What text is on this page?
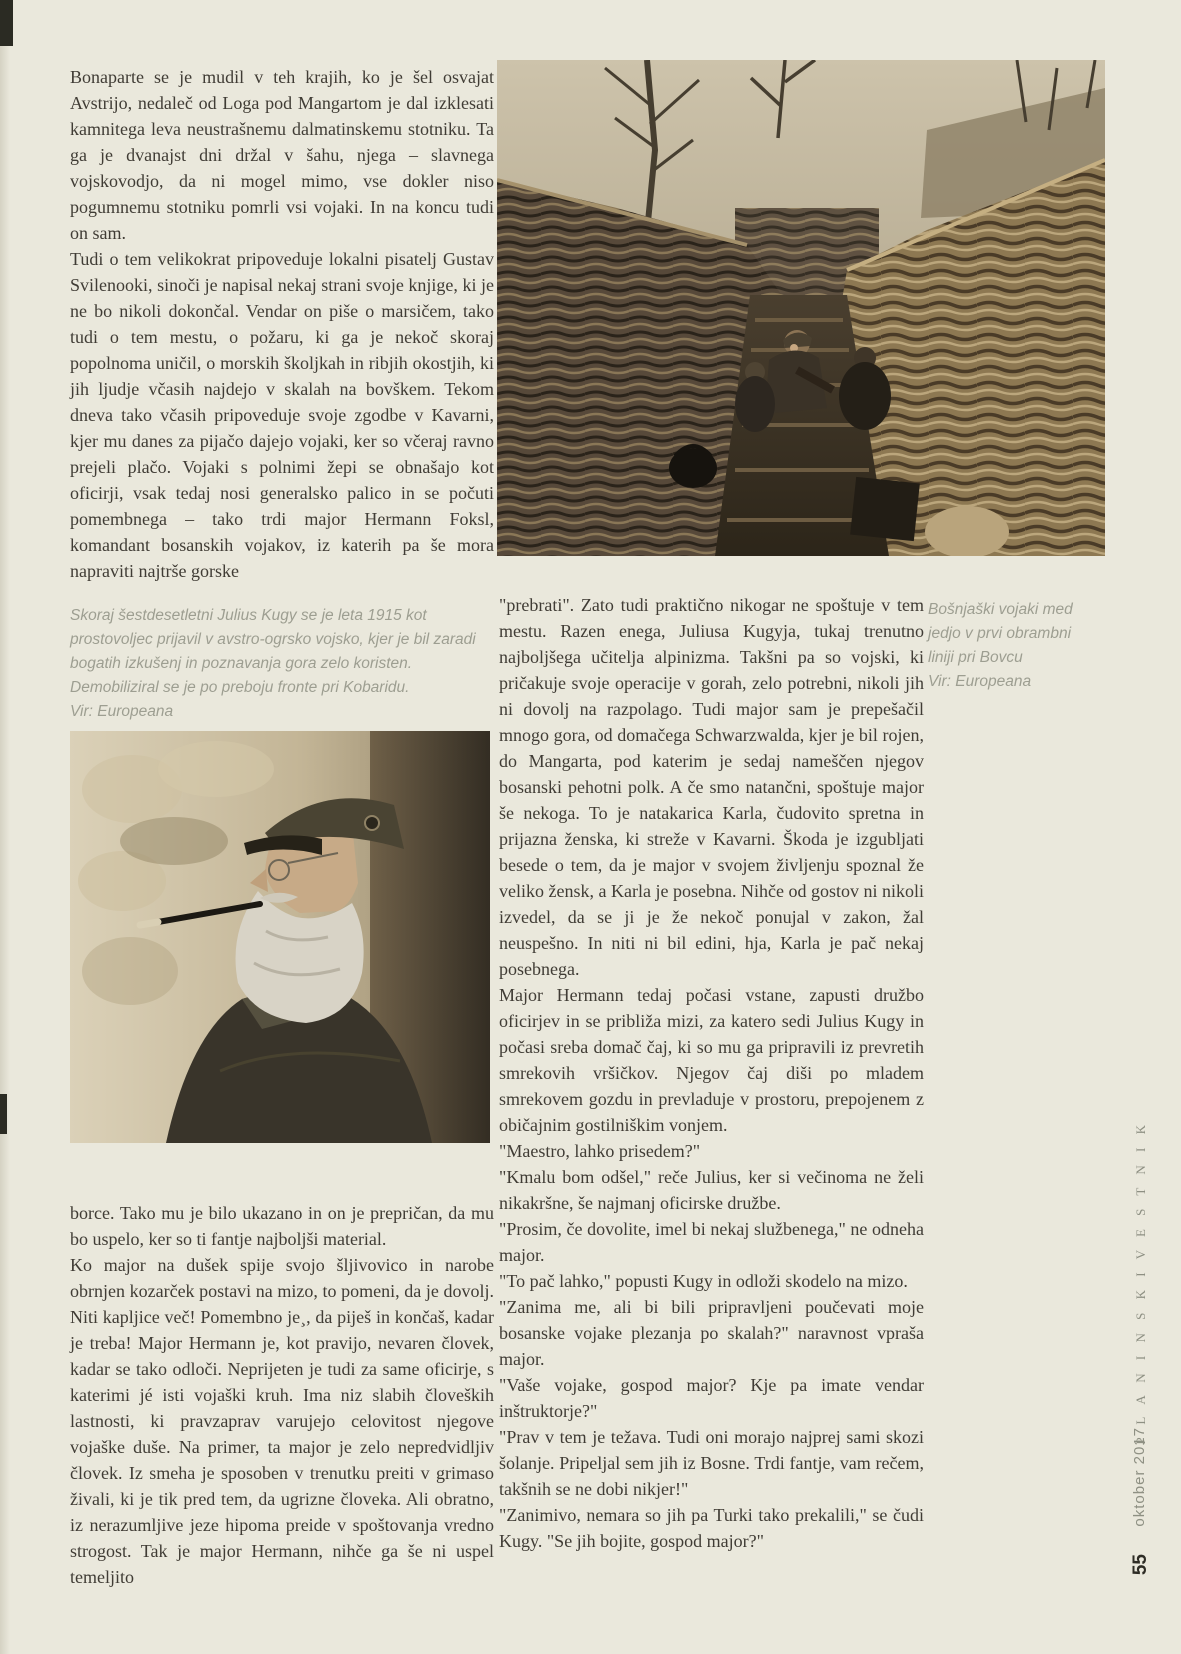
Bonaparte se je mudil v teh krajih, ko je šel osvajat Avstrijo, nedaleč od Loga pod Mangartom je dal izklesati kamnitega leva neustrašnemu dalmatinskemu stotniku. Ta ga je dvanajst dni držal v šahu, njega – slavnega vojskovodjo, da ni mogel mimo, vse dokler niso pogumnemu stotniku pomrli vsi vojaki. In na koncu tudi on sam.

Tudi o tem velikokrat pripoveduje lokalni pisatelj Gustav Svilenooki, sinoči je napisal nekaj strani svoje knjige, ki je ne bo nikoli dokončal. Vendar on piše o marsičem, tako tudi o tem mestu, o požaru, ki ga je nekoč skoraj popolnoma uničil, o morskih školjkah in ribjih okostjih, ki jih ljudje včasih najdejo v skalah na bovškem. Tekom dneva tako včasih pripoveduje svoje zgodbe v Kavarni, kjer mu danes za pijačo dajejo vojaki, ker so včeraj ravno prejeli plačo. Vojaki s polnimi žepi se obnašajo kot oficirji, vsak tedaj nosi generalsko palico in se počuti pomembnega – tako trdi major Hermann Foksl, komandant bosanskih vojakov, iz katerih pa še mora napraviti najtrše gorske

Skoraj šestdesetletni Julius Kugy se je leta 1915 kot prostovoljec prijavil v avstro-ogrsko vojsko, kjer je bil zaradi bogatih izkušenj in poznavanja gora zelo koristen. Demobiliziral se je po preboju fronte pri Kobaridu.

Vir: Europeana

Bošnjaški vojaki med

jedjo v prvi obrambni

liniji pri Bovcu

Vir: Europeana

"prebrati". Zato tudi praktično nikogar ne spoštuje v tem mestu. Razen enega, Juliusa Kugyja, tukaj trenutno najboljšega učitelja alpinizma. Takšni pa so vojski, ki pričakuje svoje operacije v gorah, zelo potrebni, nikoli jih ni dovolj na razpolago. Tudi major sam je prepešačil mnogo gora, od domačega Schwarzwalda, kjer je bil rojen, do Mangarta, pod katerim je sedaj nameščen njegov bosanski pehotni polk. A če smo natančni, spoštuje major še nekoga. To je natakarica Karla, čudovito spretna in prijazna ženska, ki streže v Kavarni. Škoda je izgubljati besede o tem, da je major v svojem življenju spoznal že veliko žensk, a Karla je posebna. Nihče od gostov ni nikoli izvedel, da se ji je že nekoč ponujal v zakon, žal neuspešno. In niti ni bil edini, hja, Karla je pač nekaj posebnega.

Major Hermann tedaj počasi vstane, zapusti družbo oficirjev in se približa mizi, za katero sedi Julius Kugy in počasi sreba domač čaj, ki so mu ga pripravili iz prevretih smrekovih vršičkov. Njegov čaj diši po mladem smrekovem gozdu in prevladuje v prostoru, prepojenem z običajnim gostilniškim vonjem.

"Maestro, lahko prisedem?"

"Kmalu bom odšel," reče Julius, ker si večinoma ne želi nikakršne, še najmanj oficirske družbe.

"Prosim, če dovolite, imel bi nekaj službenega," ne odneha major.

"To pač lahko," popusti Kugy in odloži skodelo na mizo.

"Zanima me, ali bi bili pripravljeni poučevati moje bosanske vojake plezanja po skalah?" naravnost vpraša major.

"Vaše vojake, gospod major? Kje pa imate vendar inštruktorje?"

"Prav v tem je težava. Tudi oni morajo najprej sami skozi šolanje. Pripeljal sem jih iz Bosne. Trdi fantje, vam rečem, takšnih se ne dobi nikjer!"

"Zanimivo, nemara so jih pa Turki tako prekalili," se čudi Kugy. "Se jih bojite, gospod major?"

borce. Tako mu je bilo ukazano in on je prepričan, da mu bo uspelo, ker so ti fantje najboljši material.

Ko major na dušek spije svojo šljivovico in narobe obrnjen kozarček postavi na mizo, to pomeni, da je dovolj. Niti kapljice več! Pomembno je¸, da piješ in končaš, kadar je treba! Major Hermann je, kot pravijo, nevaren človek, kadar se tako odloči. Neprijeten je tudi za same oficirje, s katerimi jé isti vojaški kruh. Ima niz slabih človeških lastnosti, ki pravzaprav varujejo celovitost njegove vojaške duše. Na primer, ta major je zelo nepredvidljiv človek. Iz smeha je sposoben v trenutku preiti v grimaso živali, ki je tik pred tem, da ugrizne človeka. Ali obratno, iz nerazumljive jeze hipoma preide v spoštovanja vredno strogost. Tak je major Hermann, nihče ga še ni uspel temeljito

P L A N I N S K I V E S T N I K
oktober 2017
55
